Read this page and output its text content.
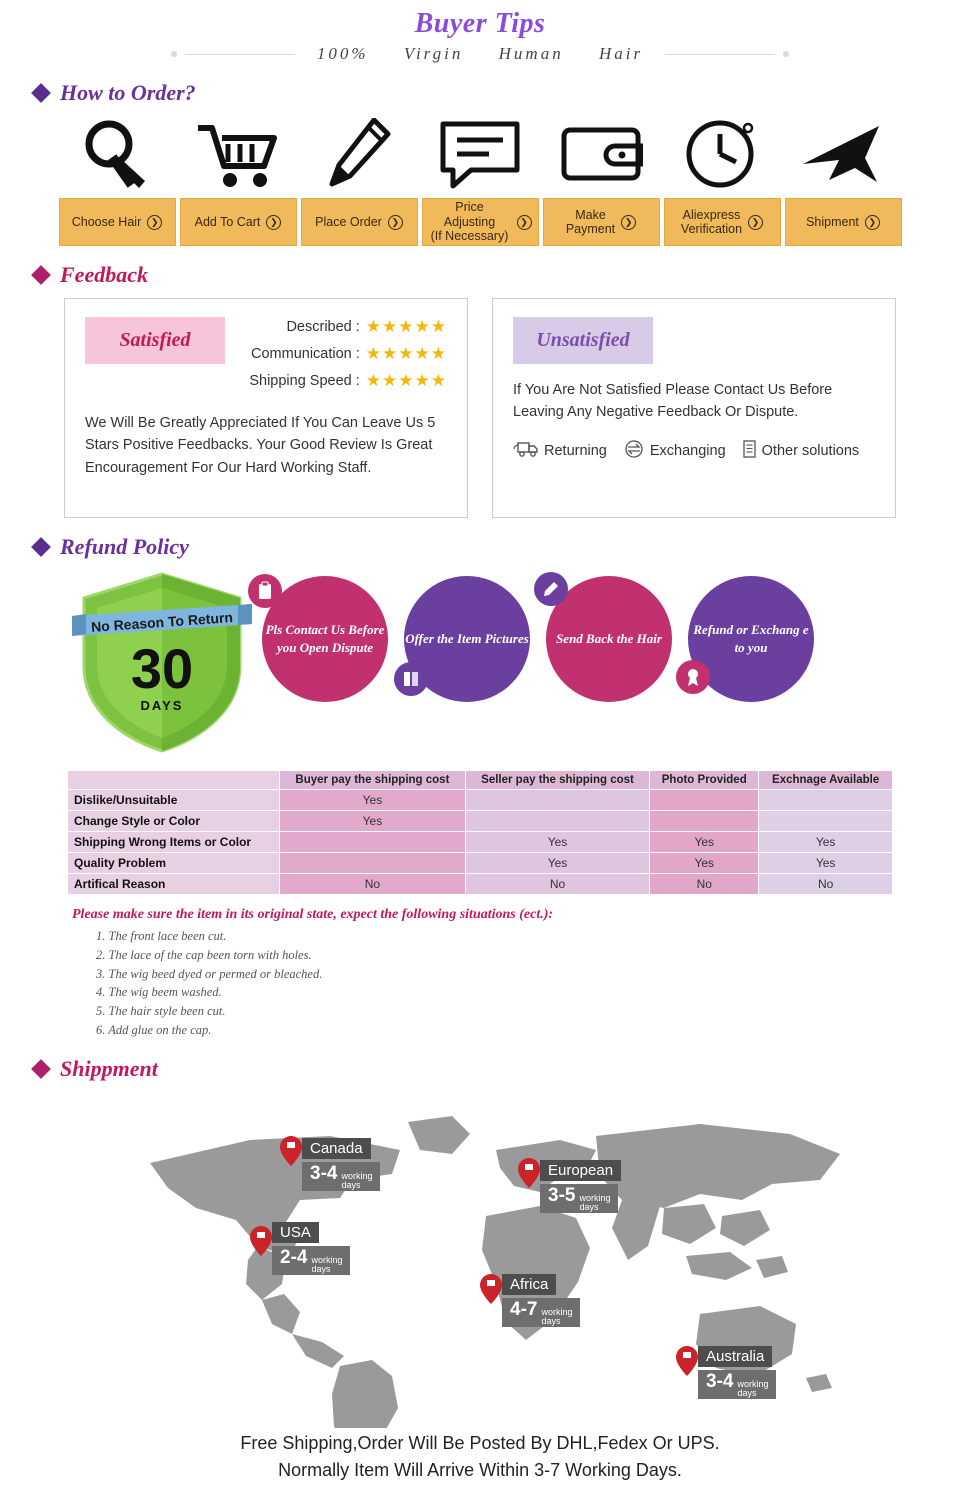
Buyer Tips
100% Virgin Human Hair
How to Order?
Choose Hair	❯	Add To Cart	❯	Place Order	❯
Price Adjusting
(If Necessary)
❯	Make
Payment
❯	Aliexpress
Verification
❯	Shipment	❯
Feedback
Satisfied
Described : ★★★★★
Communication : ★★★★★
Shipping Speed : ★★★★★
We Will Be Greatly Appreciated If You Can Leave Us 5 Stars Positive Feedbacks. Your Good Review Is Great Encouragement For Our Hard Working Staff.
Unsatisfied
If You Are Not Satisfied Please Contact Us Before Leaving Any Negative Feedback Or Dispute.
Returning	Exchanging Other solutions
Refund Policy
30
DAYS
No Reason To Return Pls Contact Us Before you Open Dispute
Offer the Item Pictures Send Back the Hair
Refund or Exchang e to you
	Buyer pay the shipping cost	Seller pay the shipping cost	Photo Provided	Exchnage Available
Dislike/Unsuitable	Yes			
Change Style or Color	Yes			
Shipping Wrong Items or Color		Yes	Yes	Yes
Quality Problem		Yes	Yes	Yes
Artifical Reason	No	No	No	No
Please make sure the item in its original state, expect the following situations (ect.):
1. The front lace been cut.
2. The lace of the cap been torn with holes.
3. The wig beed dyed or permed or bleached.
4. The wig beem washed.
5. The hair style been cut.
6. Add glue on the cap.
Shippment
Canada
3-4 working
days
European
3-5 working
days
USA
2-4 working
days
Africa
4-7 working
days
Australia
3-4 working
days
Free Shipping,Order Will Be Posted By DHL,Fedex Or UPS.
Normally Item Will Arrive Within 3-7 Working Days.
